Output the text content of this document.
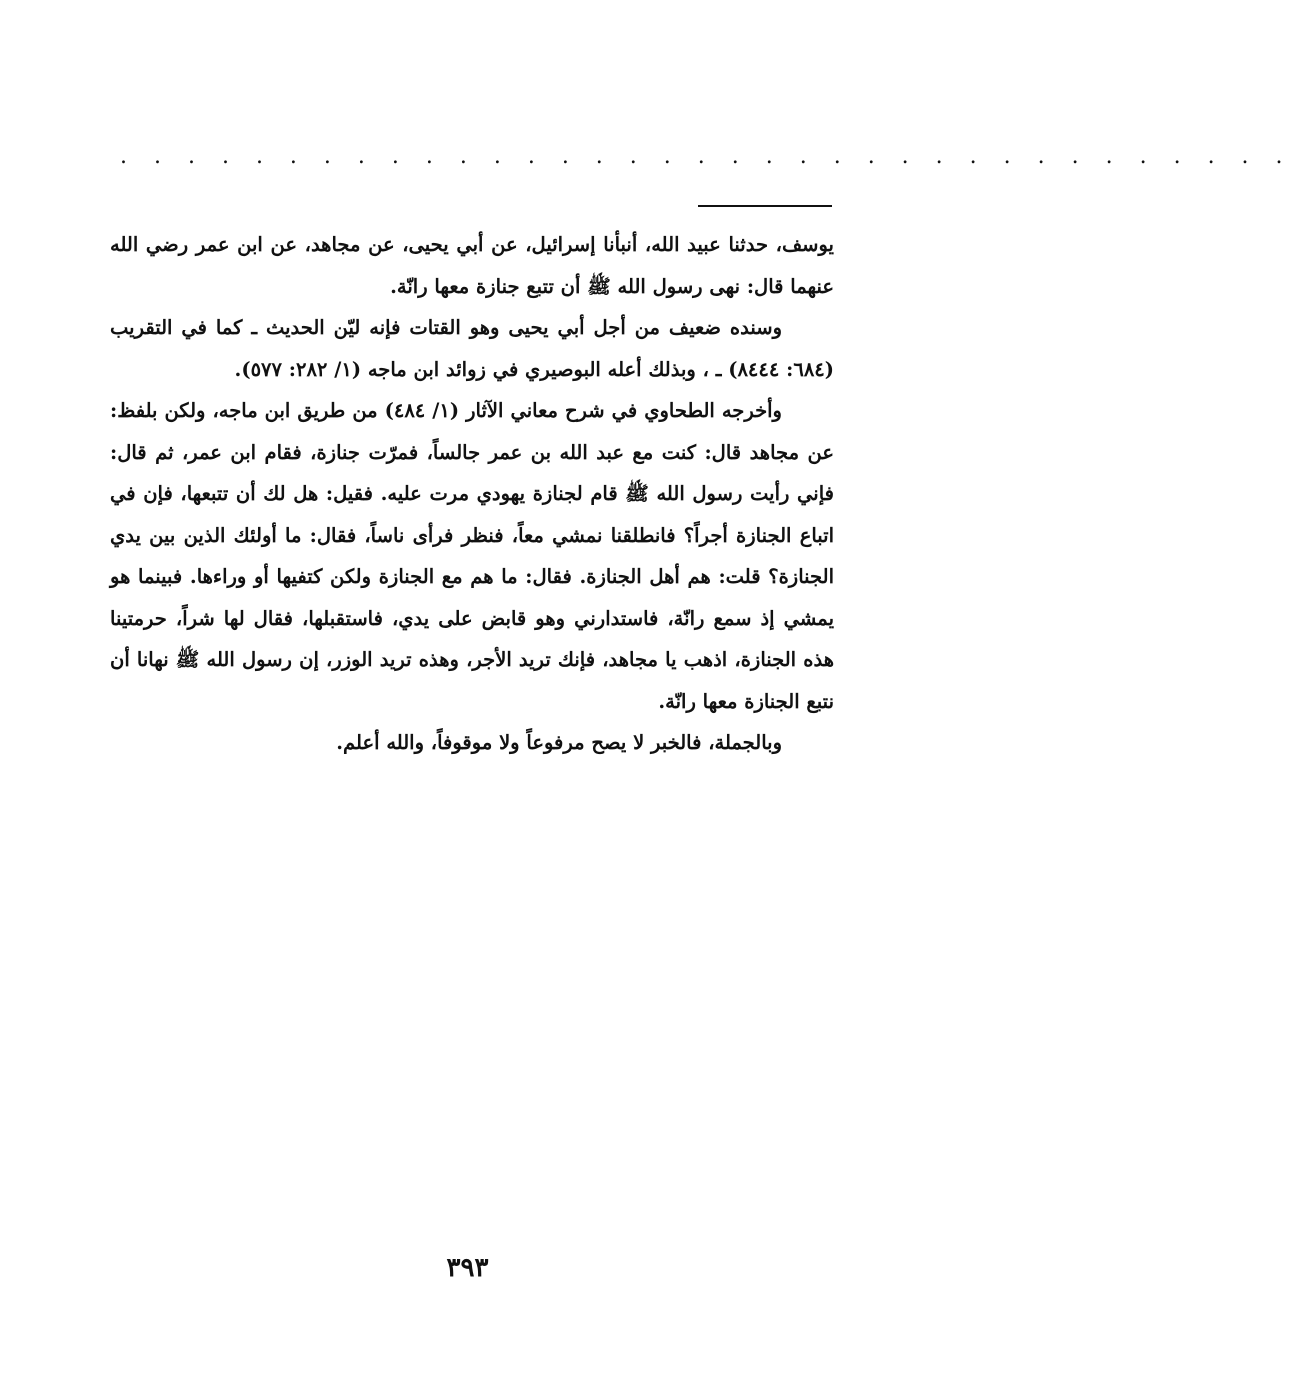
. . . . . . . . . . . . . . . . . . . . . . . . . . . . . . . . . . .

يوسف، حدثنا عبيد الله، أنبأنا إسرائيل، عن أبي يحيى، عن مجاهد، عن ابن عمر رضي الله عنهما قال: نهى رسول الله ﷺ أن تتبع جنازة معها رانّة.

وسنده ضعيف من أجل أبي يحيى وهو القتات فإنه ليّن الحديث ـ كما في التقريب (٦٨٤: ٨٤٤٤) ـ ، وبذلك أعله البوصيري في زوائد ابن ماجه (١/ ٢٨٢: ٥٧٧).

وأخرجه الطحاوي في شرح معاني الآثار (١/ ٤٨٤) من طريق ابن ماجه، ولكن بلفظ: عن مجاهد قال: كنت مع عبد الله بن عمر جالساً، فمرّت جنازة، فقام ابن عمر، ثم قال: فإني رأيت رسول الله ﷺ قام لجنازة يهودي مرت عليه. فقيل: هل لك أن تتبعها، فإن في اتباع الجنازة أجراً؟ فانطلقنا نمشي معاً، فنظر فرأى ناساً، فقال: ما أولئك الذين بين يدي الجنازة؟ قلت: هم أهل الجنازة. فقال: ما هم مع الجنازة ولكن كتفيها أو وراءها. فبينما هو يمشي إذ سمع رانّة، فاستدارني وهو قابض على يدي، فاستقبلها، فقال لها شراً، حرمتينا هذه الجنازة، اذهب يا مجاهد، فإنك تريد الأجر، وهذه تريد الوزر، إن رسول الله ﷺ نهانا أن نتبع الجنازة معها رانّة.

وبالجملة، فالخبر لا يصح مرفوعاً ولا موقوفاً، والله أعلم.

٣٩٣
